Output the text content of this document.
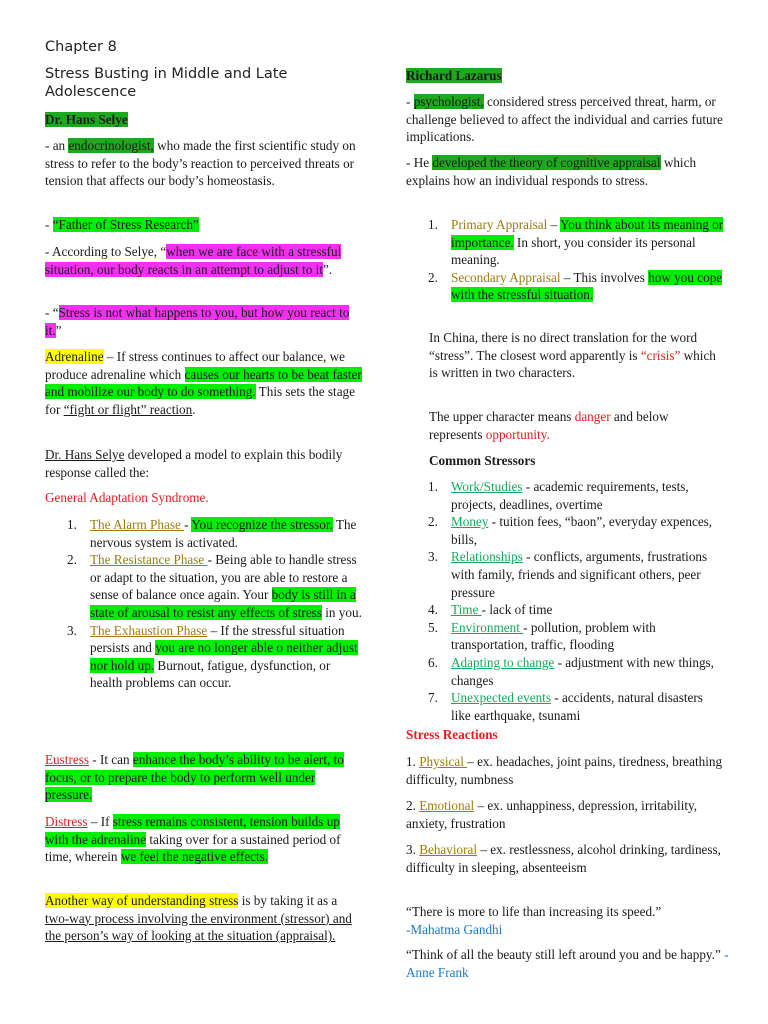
Chapter 8
Stress Busting in Middle and Late
Adolescence

Dr. Hans Selye

- an endocrinologist, who made the first scientific study on stress to refer to the body’s reaction to perceived threats or tension that affects our body’s homeostasis.

- “Father of Stress Research”

- According to Selye, “when we are face with a stressful situation, our body reacts in an attempt to adjust to it”.

- “Stress is not what happens to you, but how you react to it.”

Adrenaline – If stress continues to affect our balance, we produce adrenaline which causes our hearts to be beat faster and mobilize our body to do something. This sets the stage for “fight or flight” reaction.

Dr. Hans Selye developed a model to explain this bodily response called the:

General Adaptation Syndrome.

1. The Alarm Phase - You recognize the stressor. The nervous system is activated.
2. The Resistance Phase - Being able to handle stress or adapt to the situation, you are able to restore a sense of balance once again. Your body is still in a state of arousal to resist any effects of stress in you.
3. The Exhaustion Phase – If the stressful situation persists and you are no longer able o neither adjust nor hold up. Burnout, fatigue, dysfunction, or health problems can occur.

Eustress - It can enhance the body’s ability to be alert, to focus, or to prepare the body to perform well under pressure.

Distress – If stress remains consistent, tension builds up with the adrenaline taking over for a sustained period of time, wherein we feel the negative effects.

Another way of understanding stress is by taking it as a two-way process involving the environment (stressor) and the person’s way of looking at the situation (appraisal).

Richard Lazarus

- psychologist, considered stress perceived threat, harm, or challenge believed to affect the individual and carries future implications.

- He developed the theory of cognitive appraisal which explains how an individual responds to stress.

1. Primary Appraisal – You think about its meaning or importance. In short, you consider its personal meaning.
2. Secondary Appraisal – This involves how you cope with the stressful situation.

In China, there is no direct translation for the word “stress”. The closest word apparently is “crisis” which is written in two characters.

The upper character means danger and below represents opportunity.

Common Stressors

1. Work/Studies - academic requirements, tests, projects, deadlines, overtime
2. Money - tuition fees, “baon”, everyday expences, bills,
3. Relationships - conflicts, arguments, frustrations with family, friends and significant others, peer pressure
4. Time - lack of time
5. Environment - pollution, problem with transportation, traffic, flooding
6. Adapting to change - adjustment with new things, changes
7. Unexpected events - accidents, natural disasters like earthquake, tsunami

Stress Reactions

1. Physical – ex. headaches, joint pains, tiredness, breathing difficulty, numbness

2. Emotional – ex. unhappiness, depression, irritability, anxiety, frustration

3. Behavioral – ex. restlessness, alcohol drinking, tardiness, difficulty in sleeping, absenteeism

“There is more to life than increasing its speed.”
-Mahatma Gandhi

“Think of all the beauty still left around you and be happy.” - Anne Frank
